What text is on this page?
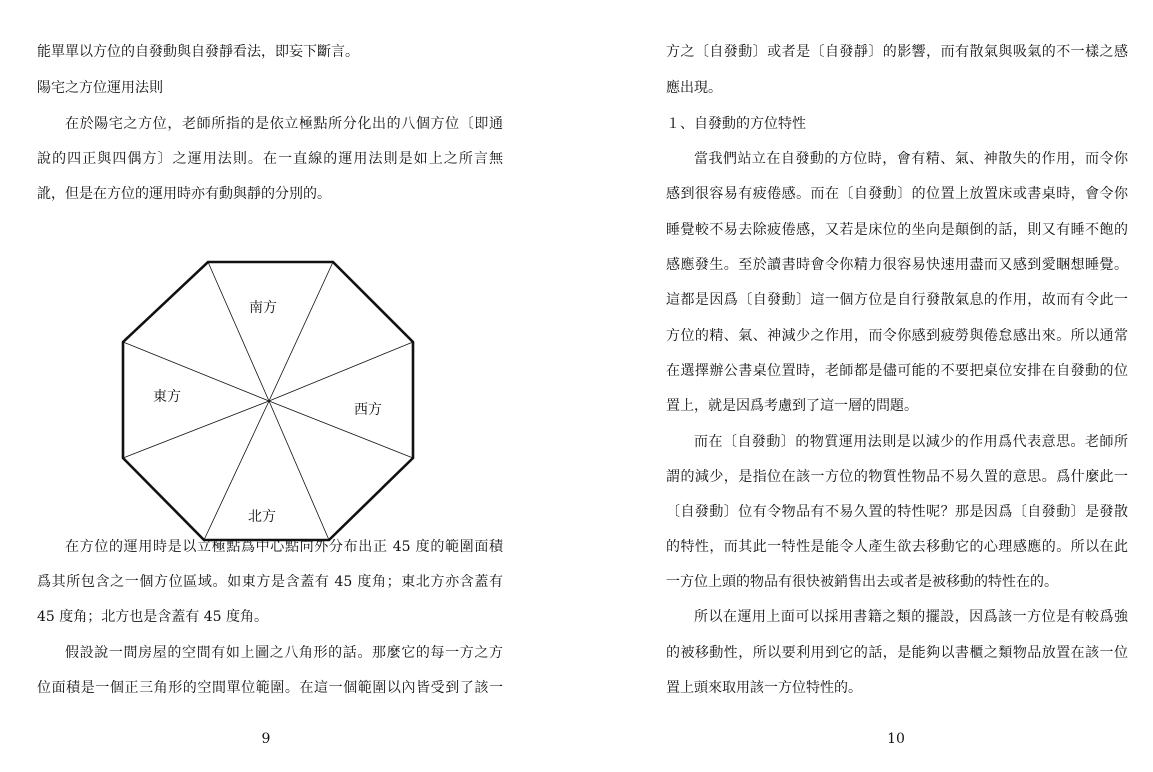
能單單以方位的自發動與自發靜看法，即妄下斷言。
陽宅之方位運用法則
在於陽宅之方位，老師所指的是依立極點所分化出的八個方位〔即通
說的四正與四偶方〕之運用法則。在一直線的運用法則是如上之所言無
訛，但是在方位的運用時亦有動與靜的分別的。
南方
東方
西方
北方
在方位的運用時是以立極點爲中心點向外分布出正 45 度的範圍面積
爲其所包含之一個方位區域。如東方是含蓋有 45 度角；東北方亦含蓋有
45 度角；北方也是含蓋有 45 度角。
假設說一間房屋的空間有如上圖之八角形的話。那麼它的每一方之方
位面積是一個正三角形的空間單位範圍。在這一個範圍以內皆受到了該一
9
方之〔自發動〕或者是〔自發靜〕的影響，而有散氣與吸氣的不一樣之感
應出現。
１、自發動的方位特性
當我們站立在自發動的方位時，會有精、氣、神散失的作用，而令你
感到很容易有疲倦感。而在〔自發動〕的位置上放置床或書桌時，會令你
睡覺較不易去除疲倦感，又若是床位的坐向是顛倒的話，則又有睡不飽的
感應發生。至於讀書時會令你精力很容易快速用盡而又感到愛睏想睡覺。
這都是因爲〔自發動〕這一個方位是自行發散氣息的作用，故而有令此一
方位的精、氣、神減少之作用，而令你感到疲勞與倦怠感出來。所以通常
在選擇辦公書桌位置時，老師都是儘可能的不要把桌位安排在自發動的位
置上，就是因爲考慮到了這一層的問題。
而在〔自發動〕的物質運用法則是以減少的作用爲代表意思。老師所
謂的減少，是指位在該一方位的物質性物品不易久置的意思。爲什麼此一
〔自發動〕位有令物品有不易久置的特性呢？那是因爲〔自發動〕是發散
的特性，而其此一特性是能令人產生欲去移動它的心理感應的。所以在此
一方位上頭的物品有很快被銷售出去或者是被移動的特性在的。
所以在運用上面可以採用書籍之類的擺設，因爲該一方位是有較爲強
的被移動性，所以要利用到它的話，是能夠以書櫃之類物品放置在該一位
置上頭來取用該一方位特性的。
10
